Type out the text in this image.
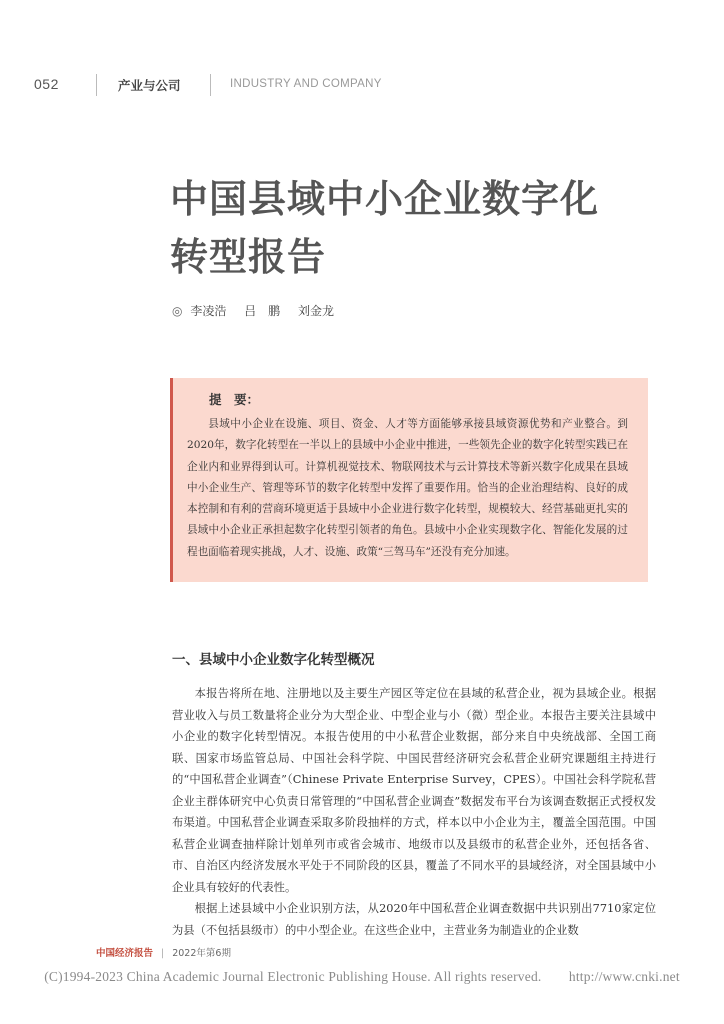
052	产业与公司	INDUSTRY AND COMPANY
中国县域中小企业数字化转型报告
◎ 李凌浩 吕　鹏 刘金龙
提　要：

县域中小企业在设施、项目、资金、人才等方面能够承接县域资源优势和产业整合。到2020年，数字化转型在一半以上的县域中小企业中推进，一些领先企业的数字化转型实践已在企业内和业界得到认可。计算机视觉技术、物联网技术与云计算技术等新兴数字化成果在县域中小企业生产、管理等环节的数字化转型中发挥了重要作用。恰当的企业治理结构、良好的成本控制和有利的营商环境更适于县域中小企业进行数字化转型，规模较大、经营基础更扎实的县域中小企业正承担起数字化转型引领者的角色。县域中小企业实现数字化、智能化发展的过程也面临着现实挑战，人才、设施、政策“三驾马车”还没有充分加速。

一、县域中小企业数字化转型概况

本报告将所在地、注册地以及主要生产园区等定位在县域的私营企业，视为县域企业。根据营业收入与员工数量将企业分为大型企业、中型企业与小（微）型企业。本报告主要关注县域中小企业的数字化转型情况。本报告使用的中小私营企业数据，部分来自中央统战部、全国工商联、国家市场监管总局、中国社会科学院、中国民营经济研究会私营企业研究课题组主持进行的“中国私营企业调查”（Chinese Private Enterprise Survey，CPES）。中国社会科学院私营企业主群体研究中心负责日常管理的“中国私营企业调查”数据发布平台为该调查数据正式授权发布渠道。中国私营企业调查采取多阶段抽样的方式，样本以中小企业为主，覆盖全国范围。中国私营企业调查抽样除计划单列市或省会城市、地级市以及县级市的私营企业外，还包括各省、市、自治区内经济发展水平处于不同阶段的区县，覆盖了不同水平的县域经济，对全国县域中小企业具有较好的代表性。

根据上述县域中小企业识别方法，从2020年中国私营企业调查数据中共识别出7710家定位为县（不包括县级市）的中小型企业。在这些企业中，主营业务为制造业的企业数

中国经济报告 | 2022年第6期
(C)1994-2023 China Academic Journal Electronic Publishing House. All rights reserved.　　http://www.cnki.net
